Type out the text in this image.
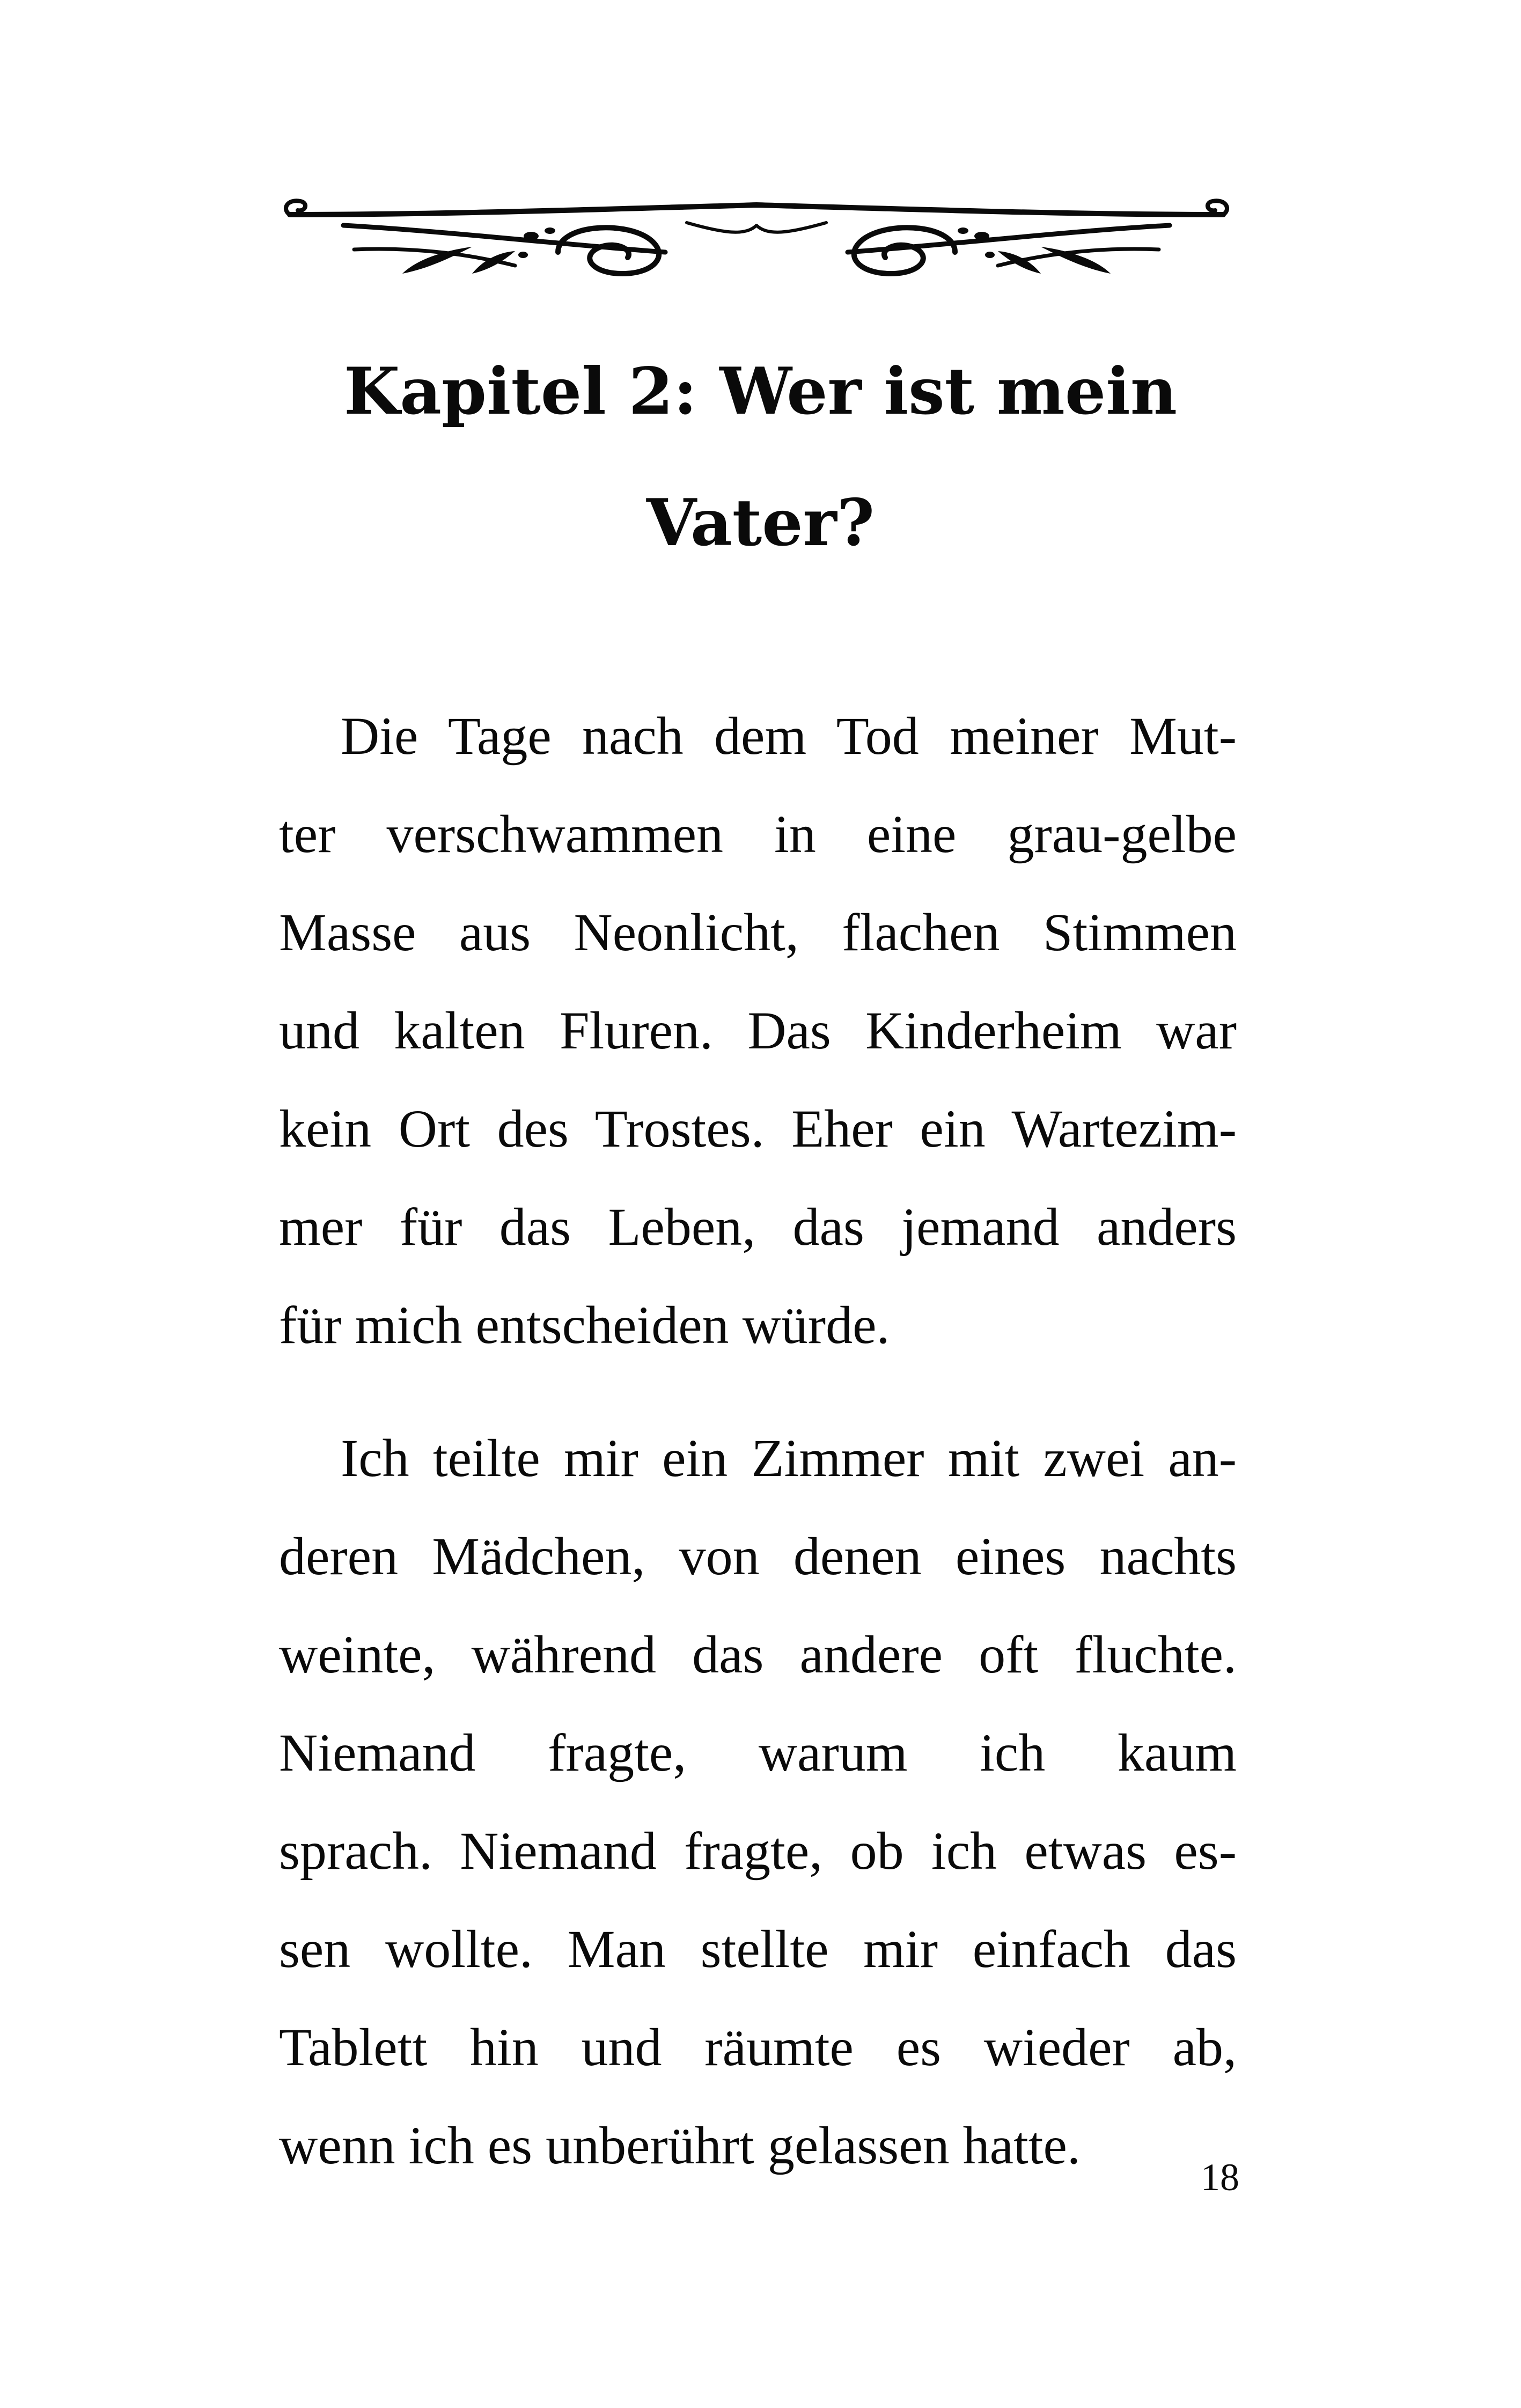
Kapitel 2: Wer ist mein
Vater?
Die Tage nach dem Tod meiner Mut-
ter verschwammen in eine grau-gelbe
Masse aus Neonlicht, flachen Stimmen
und kalten Fluren. Das Kinderheim war
kein Ort des Trostes. Eher ein Wartezim-
mer für das Leben, das jemand anders
für mich entscheiden würde.
Ich teilte mir ein Zimmer mit zwei an-
deren Mädchen, von denen eines nachts
weinte, während das andere oft fluchte.
Niemand fragte, warum ich kaum
sprach. Niemand fragte, ob ich etwas es-
sen wollte. Man stellte mir einfach das
Tablett hin und räumte es wieder ab,
wenn ich es unberührt gelassen hatte.
18
